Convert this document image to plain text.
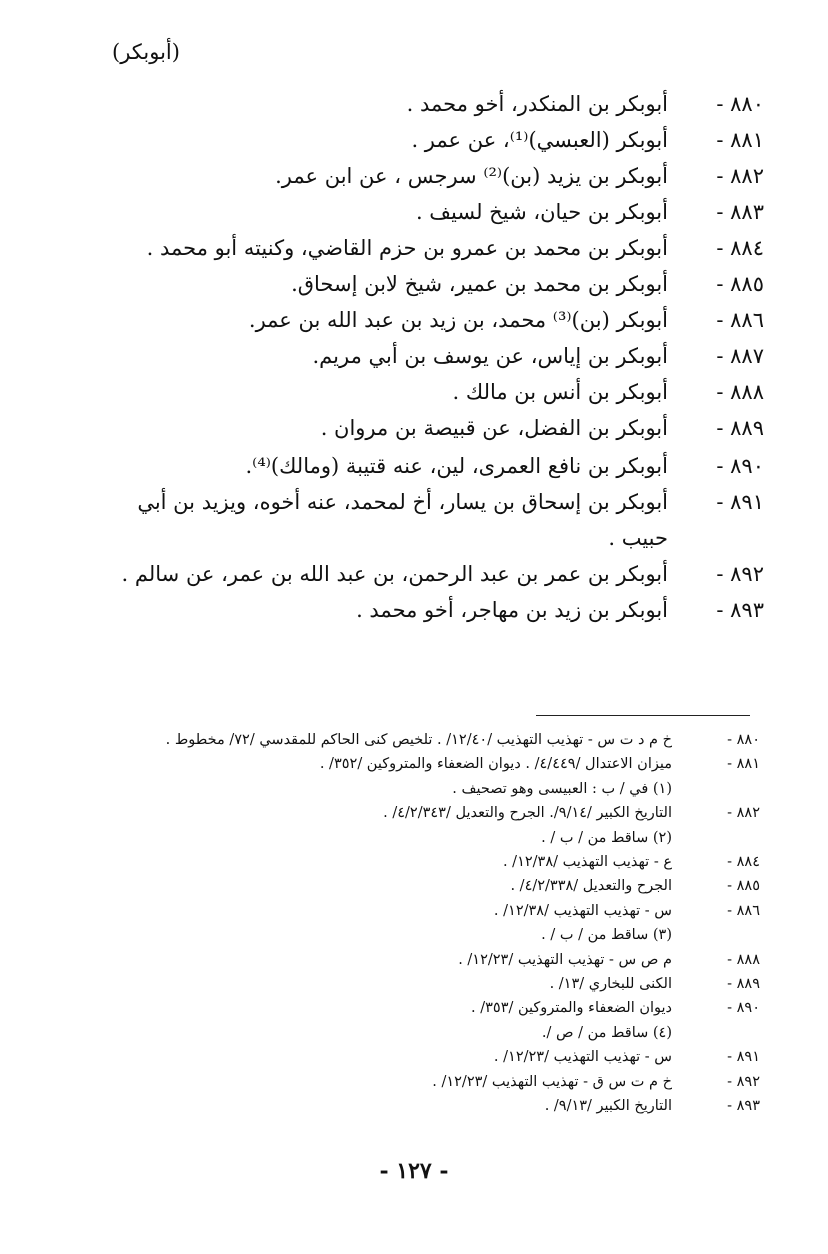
(أبوبكر)
٨٨٠ -
أبوبكر بن المنكدر، أخو محمد .
٨٨١ -
أبوبكر (العبسي)⁽¹⁾، عن عمر .
٨٨٢ -
أبوبكر بن يزيد (بن)⁽²⁾ سرجس ، عن ابن عمر.
٨٨٣ -
أبوبكر بن حيان، شيخ لسيف .
٨٨٤ -
أبوبكر بن محمد بن عمرو بن حزم القاضي، وكنيته أبو محمد .
٨٨٥ -
أبوبكر بن محمد بن عمير، شيخ لابن إسحاق.
٨٨٦ -
أبوبكر (بن)⁽³⁾ محمد، بن زيد بن عبد الله بن عمر.
٨٨٧ -
أبوبكر بن إياس، عن يوسف بن أبي مريم.
٨٨٨ -
أبوبكر بن أنس بن مالك .
٨٨٩ -
أبوبكر بن الفضل، عن قبيصة بن مروان .
٨٩٠ -
أبوبكر بن نافع العمرى، لين، عنه قتيبة (ومالك)⁽⁴⁾.
٨٩١ -
أبوبكر بن إسحاق بن يسار، أخ لمحمد، عنه أخوه، ويزيد بن أبي حبيب .
٨٩٢ -
أبوبكر بن عمر بن عبد الرحمن، بن عبد الله بن عمر، عن سالم .
٨٩٣ -
أبوبكر بن زيد بن مهاجر، أخو محمد .
٨٨٠ -
خ م د ت س - تهذيب التهذيب /١٢/٤٠/ . تلخيص كنى الحاكم للمقدسي /٧٢/ مخطوط .
٨٨١ -
ميزان الاعتدال /٤/٤٤٩/ . ديوان الضعفاء والمتروكين /٣٥٢/ .
(١) في / ب : العبيسى وهو تصحيف .
٨٨٢ -
التاريخ الكبير /٩/١٤/. الجرح والتعديل /٤/٢/٣٤٣/ .
(٢) ساقط من / ب / .
٨٨٤ -
ع - تهذيب التهذيب /١٢/٣٨/ .
٨٨٥ -
الجرح والتعديل /٤/٢/٣٣٨/ .
٨٨٦ -
س - تهذيب التهذيب /١٢/٣٨/ .
(٣) ساقط من / ب / .
٨٨٨ -
م ص س - تهذيب التهذيب /١٢/٢٣/ .
٨٨٩ -
الكنى للبخاري /١٣/ .
٨٩٠ -
ديوان الضعفاء والمتروكين /٣٥٣/ .
(٤) ساقط من / ص /.
٨٩١ -
س - تهذيب التهذيب /١٢/٢٣/ .
٨٩٢ -
خ م ت س ق - تهذيب التهذيب /١٢/٢٣/ .
٨٩٣ -
التاريخ الكبير /٩/١٣/ .
- ١٢٧ -
